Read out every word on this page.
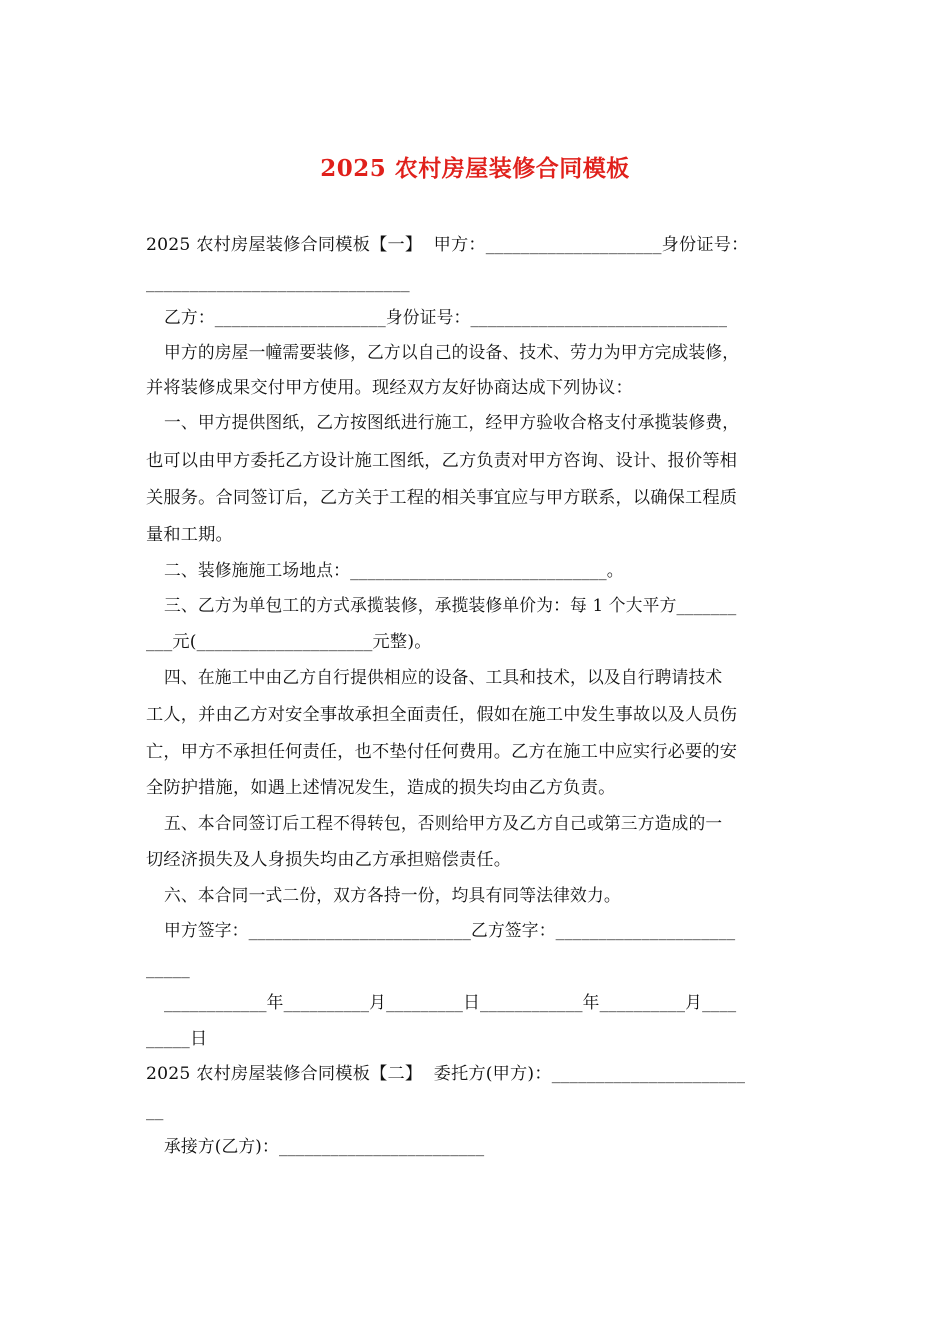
2025 农村房屋装修合同模板
2025 农村房屋装修合同模板【一】  甲方：____________________身份证号：
______________________________
乙方：____________________身份证号：______________________________
甲方的房屋一幢需要装修，乙方以自己的设备、技术、劳力为甲方完成装修，
并将装修成果交付甲方使用。现经双方友好协商达成下列协议：
一、甲方提供图纸，乙方按图纸进行施工，经甲方验收合格支付承揽装修费，
也可以由甲方委托乙方设计施工图纸，乙方负责对甲方咨询、设计、报价等相
关服务。合同签订后，乙方关于工程的相关事宜应与甲方联系，以确保工程质
量和工期。
二、装修施施工场地点：______________________________。
三、乙方为单包工的方式承揽装修，承揽装修单价为：每 1 个大平方_______
___元(____________________元整)。
四、在施工中由乙方自行提供相应的设备、工具和技术，以及自行聘请技术
工人，并由乙方对安全事故承担全面责任，假如在施工中发生事故以及人员伤
亡，甲方不承担任何责任，也不垫付任何费用。乙方在施工中应实行必要的安
全防护措施，如遇上述情况发生，造成的损失均由乙方负责。
五、本合同签订后工程不得转包，否则给甲方及乙方自己或第三方造成的一
切经济损失及人身损失均由乙方承担赔偿责任。
六、本合同一式二份，双方各持一份，均具有同等法律效力。
甲方签字：__________________________乙方签字：_____________________
_____
____________年__________月_________日____________年__________月____
_____日
2025 农村房屋装修合同模板【二】  委托方(甲方)：______________________
__
承接方(乙方)：________________________
